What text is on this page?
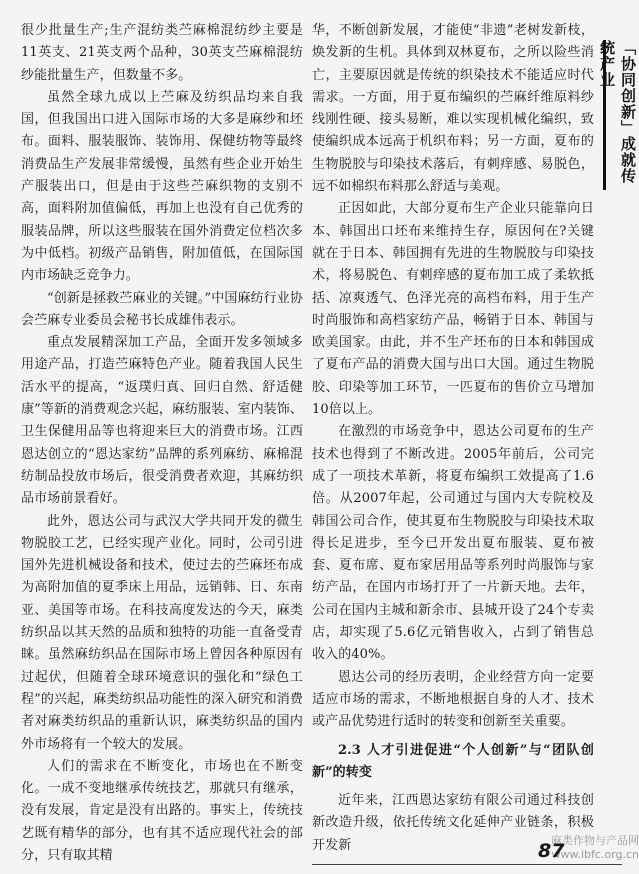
很少批量生产;生产混纺类苎麻棉混纺纱主要是11英支、21英支两个品种，30英支苎麻棉混纺纱能批量生产，但数量不多。

虽然全球九成以上苎麻及纺织品均来自我国，但我国出口进入国际市场的大多是麻纱和坯布。面料、服装服饰、装饰用、保健纺物等最终消费品生产发展非常缓慢，虽然有些企业开始生产服装出口，但是由于这些苎麻织物的支别不高，面料附加值偏低，再加上也没有自己优秀的服装品牌，所以这些服装在国外消费定位档次多为中低档。初级产品销售，附加值低，在国际国内市场缺乏竞争力。

“创新是拯救苎麻业的关键。”中国麻纺行业协会苎麻专业委员会秘书长成雄伟表示。

重点发展精深加工产品，全面开发多领域多用途产品，打造苎麻特色产业。随着我国人民生活水平的提高，“返璞归真、回归自然、舒适健康”等新的消费观念兴起，麻纺服装、室内装饰、卫生保健用品等也将迎来巨大的消费市场。江西恩达创立的“恩达家纺”品牌的系列麻纺、麻棉混纺制品投放市场后，很受消费者欢迎，其麻纺织品市场前景看好。

此外，恩达公司与武汉大学共同开发的微生物脱胶工艺，已经实现产业化。同时，公司引进国外先进机械设备和技术，使过去的苎麻坯布成为高附加值的夏季床上用品，远销韩、日、东南亚、美国等市场。在科技高度发达的今天，麻类纺织品以其天然的品质和独特的功能一直备受青睐。虽然麻纺织品在国际市场上曾因各种原因有过起伏，但随着全球环境意识的强化和“绿色工程”的兴起，麻类纺织品功能性的深入研究和消费者对麻类纺织品的重新认识，麻类纺织品的国内外市场将有一个较大的发展。

人们的需求在不断变化，市场也在不断变化。一成不变地继承传统技艺，那就只有继承，没有发展，肯定是没有出路的。事实上，传统技艺既有精华的部分，也有其不适应现代社会的部分，只有取其精

华，不断创新发展，才能使“非遗”老树发新枝，焕发新的生机。具体到双林夏布，之所以险些消亡，主要原因就是传统的织染技术不能适应时代需求。一方面，用于夏布编织的苎麻纤维原料纱线刚性硬、接头易断，难以实现机械化编织，致使编织成本远高于机织布料；另一方面，夏布的生物脱胶与印染技术落后，有刺痒感、易脱色，远不如棉织布料那么舒适与美观。

正因如此，大部分夏布生产企业只能靠向日本、韩国出口坯布来维持生存，原因何在?关键就在于日本、韩国拥有先进的生物脱胶与印染技术，将易脱色、有刺痒感的夏布加工成了柔软抵括、凉爽透气、色泽光亮的高档布料，用于生产时尚服饰和高档家纺产品，畅销于日本、韩国与欧美国家。由此，并不生产坯布的日本和韩国成了夏布产品的消费大国与出口大国。通过生物脱胶、印染等加工环节，一匹夏布的售价立马增加10倍以上。

在激烈的市场竞争中，恩达公司夏布的生产技术也得到了不断改进。2005年前后，公司完成了一项技术革新，将夏布编织工效提高了1.6倍。从2007年起，公司通过与国内大专院校及韩国公司合作，使其夏布生物脱胶与印染技术取得长足进步，至今已开发出夏布服装、夏布被套、夏布席、夏布家居用品等系列时尚服饰与家纺产品，在国内市场打开了一片新天地。去年，公司在国内主城和新余市、县城开设了24个专卖店，却实现了5.6亿元销售收入，占到了销售总收入的40%。

恩达公司的经历表明，企业经营方向一定要适应市场的需求，不断地根据自身的人才、技术或产品优势进行适时的转变和创新至关重要。

2.3 人才引进促进“个人创新”与“团队创新”的转变

近年来，江西恩达家纺有限公司通过科技创新改造升级，依托传统文化延伸产业链条，积极开发新

「协同创新」成就传统产业
麻类作物与产品网 www.ibfc.org.cn
87
